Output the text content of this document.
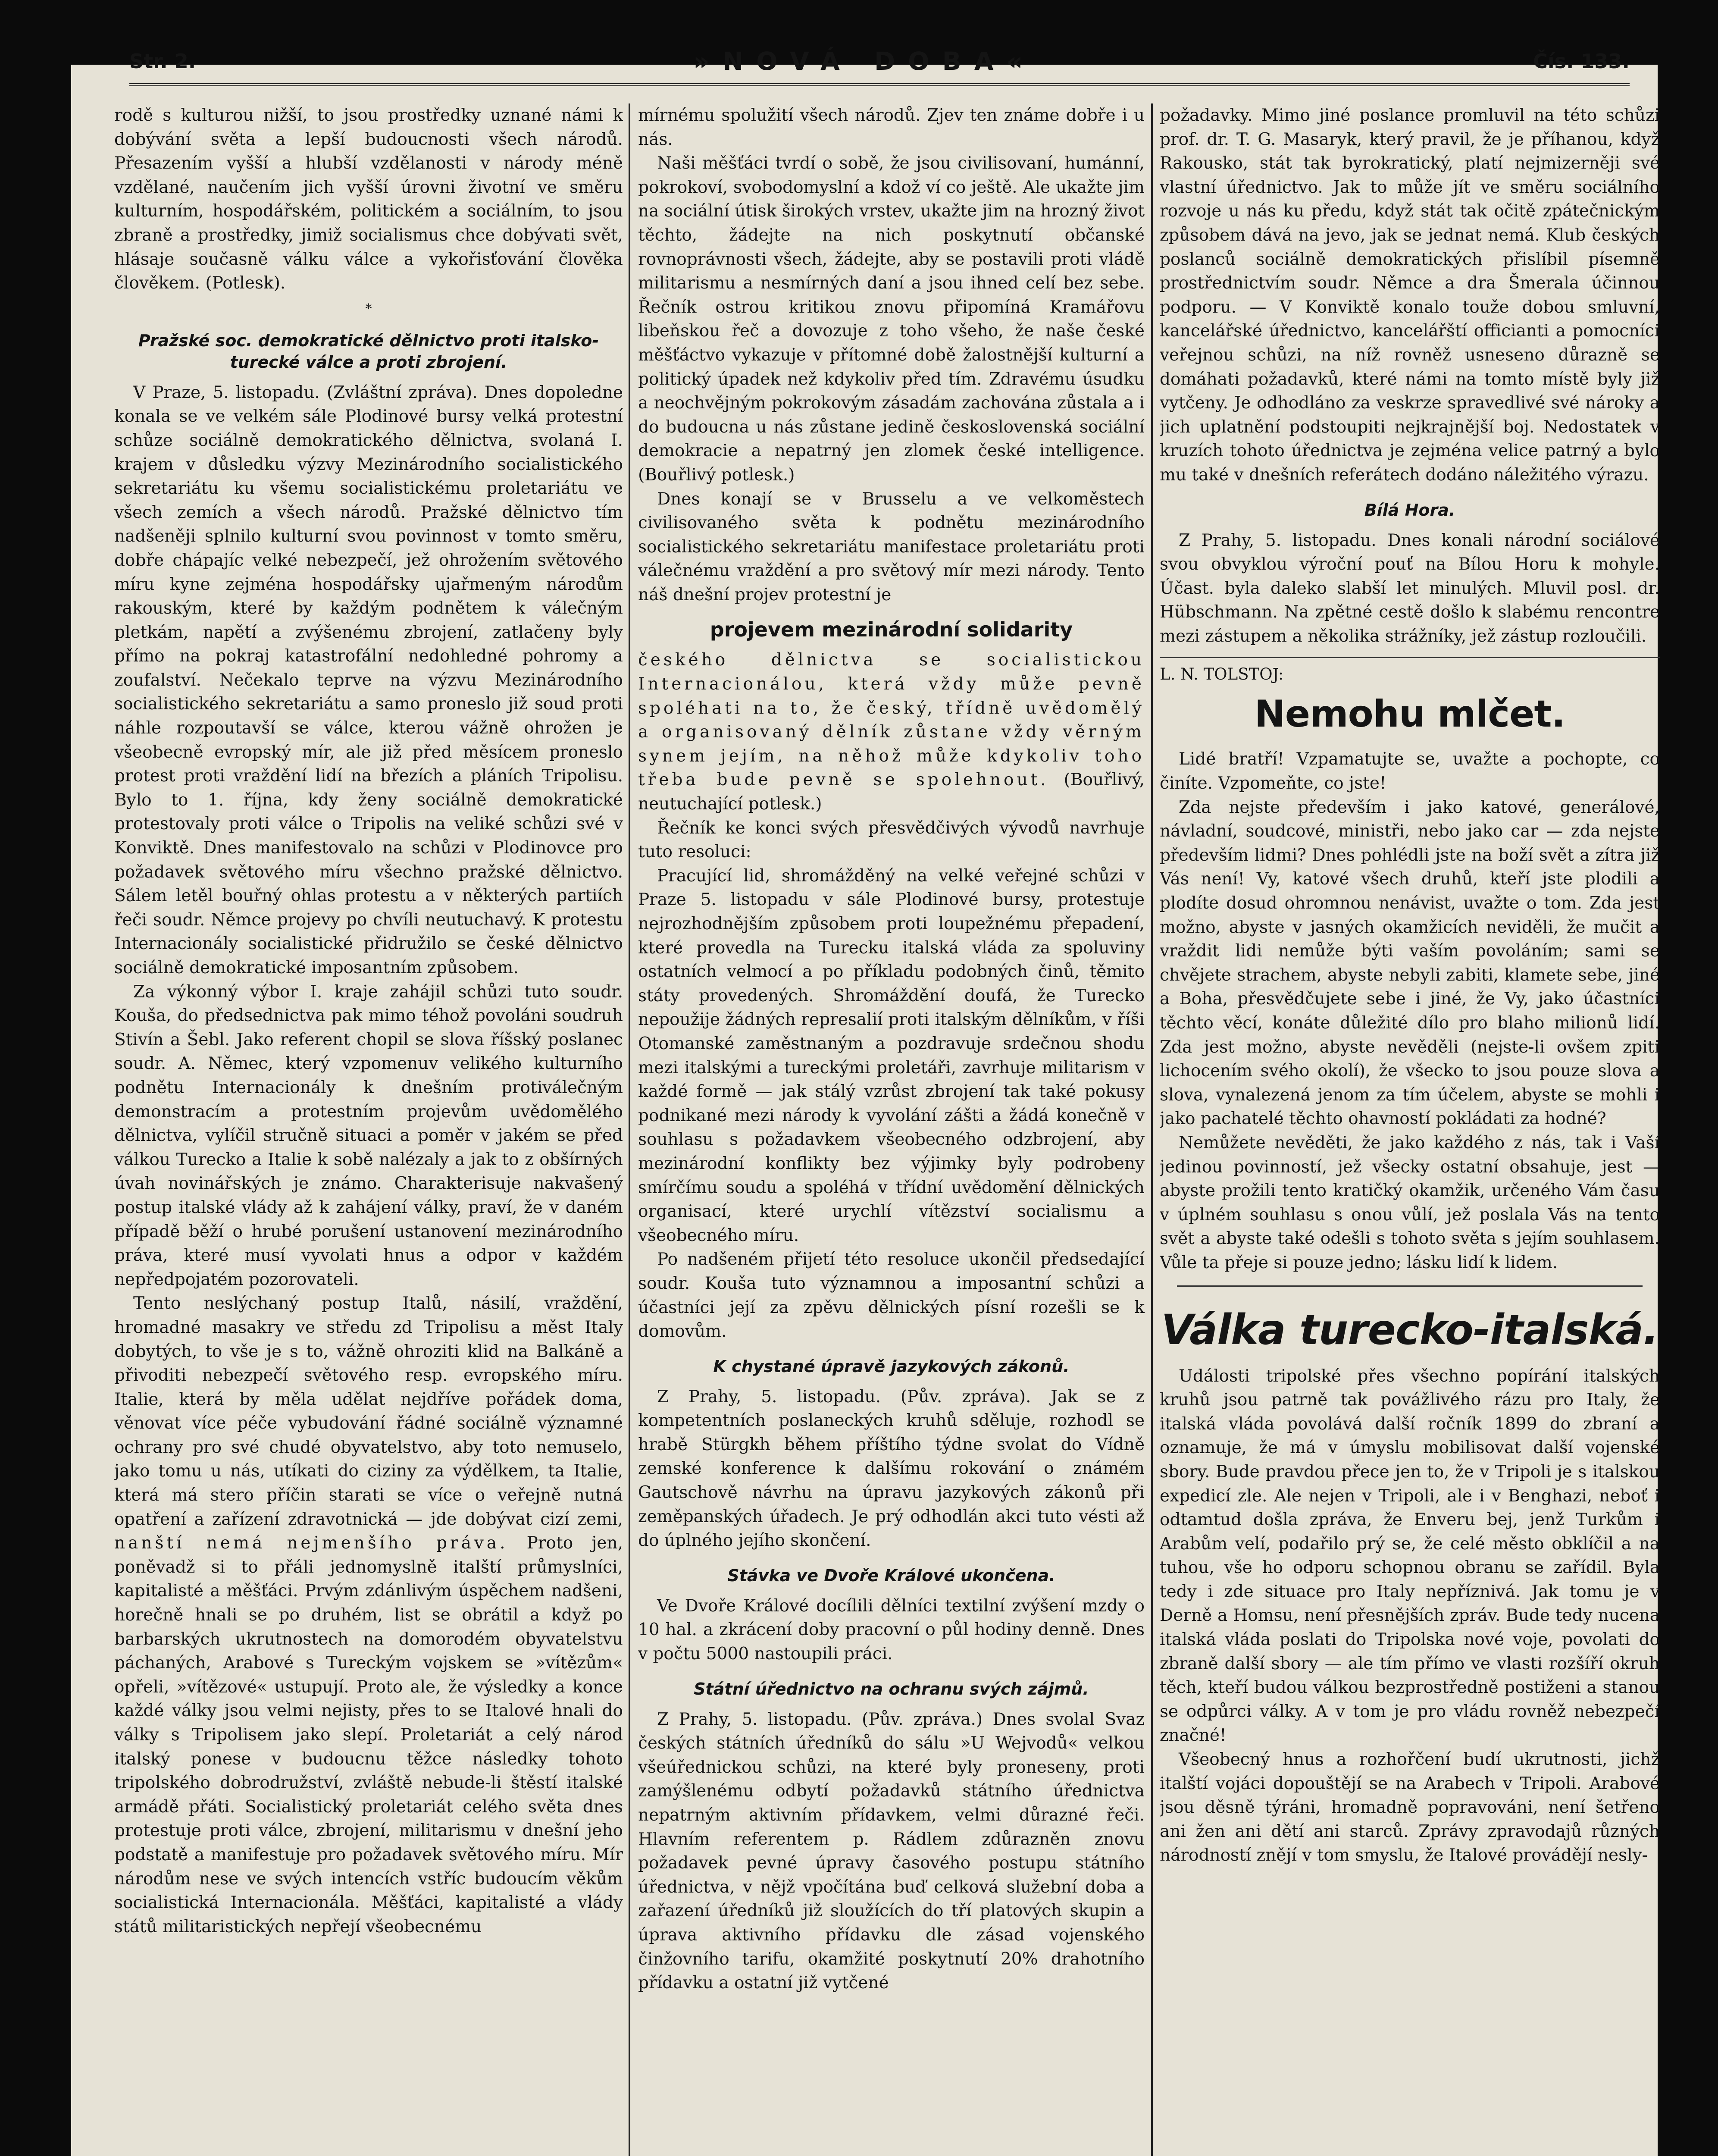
Str. 2.	»NOVÁ DOBA«	Čís. 133.

rodě s kulturou nižší, to jsou prostředky uznané námi k dobývání světa a lepší budoucnosti všech národů. Přesazením vyšší a hlubší vzdělanosti v národy méně vzdělané, naučením jich vyšší úrovni životní ve směru kulturním, hospodářském, politickém a sociálním, to jsou zbraně a prostředky, jimiž socialismus chce dobývati svět, hlásaje současně válku válce a vykořisťování člověka člověkem. (Potlesk).

*
Pražské soc. demokratické dělnictvo proti italsko-turecké válce a proti zbrojení.

V Praze, 5. listopadu. (Zvláštní zpráva). Dnes dopoledne konala se ve velkém sále Plodinové bursy velká protestní schůze sociálně demokratického dělnictva, svolaná I. krajem v důsledku výzvy Mezinárodního socialistického sekretariátu ku všemu socialistickému proletariátu ve všech zemích a všech národů. Pražské dělnictvo tím nadšeněji splnilo kulturní svou povinnost v tomto směru, dobře chápajíc velké nebezpečí, jež ohrožením světového míru kyne zejména hospodářsky ujařmeným národům rakouským, které by každým podnětem k válečným pletkám, napětí a zvýšenému zbrojení, zatlačeny byly přímo na pokraj katastrofální nedohledné pohromy a zoufalství. Nečekalo teprve na výzvu Mezinárodního socialistického sekretariátu a samo proneslo již soud proti náhle rozpoutavší se válce, kterou vážně ohrožen je všeobecně evropský mír, ale již před měsícem proneslo protest proti vraždění lidí na březích a pláních Tripolisu. Bylo to 1. října, kdy ženy sociálně demokratické protestovaly proti válce o Tripolis na veliké schůzi své v Konviktě. Dnes manifestovalo na schůzi v Plodinovce pro požadavek světového míru všechno pražské dělnictvo. Sálem letěl bouřný ohlas protestu a v některých partiích řeči soudr. Němce projevy po chvíli neutuchavý. K protestu Internacionály socialistické přidružilo se české dělnictvo sociálně demokratické imposantním způsobem.

Za výkonný výbor I. kraje zahájil schůzi tuto soudr. Kouša, do předsednictva pak mimo téhož povoláni soudruh Stivín a Šebl. Jako referent chopil se slova říšský poslanec soudr. A. Němec, který vzpomenuv velikého kulturního podnětu Internacionály k dnešním protiválečným demonstracím a protestním projevům uvědomělého dělnictva, vylíčil stručně situaci a poměr v jakém se před válkou Turecko a Italie k sobě nalézaly a jak to z obšírných úvah novinářských je známo. Charakterisuje nakvašený postup italské vlády až k zahájení války, praví, že v daném případě běží o hrubé porušení ustanovení mezinárodního práva, které musí vyvolati hnus a odpor v každém nepředpojatém pozorovateli.

Tento neslýchaný postup Italů, násilí, vraždění, hromadné masakry ve středu zd Tripolisu a měst Italy dobytých, to vše je s to, vážně ohroziti klid na Balkáně a přivoditi nebezpečí světového resp. evropského míru. Italie, která by měla udělat nejdříve pořádek doma, věnovat více péče vybudování řádné sociálně významné ochrany pro své chudé obyvatelstvo, aby toto nemuselo, jako tomu u nás, utíkati do ciziny za výdělkem, ta Italie, která má stero příčin starati se více o veřejně nutná opatření a zařízení zdravotnická — jde dobývat cizí zemi, nanští nemá nejmenšího práva. Proto jen, poněvadž si to přáli jednomyslně italští průmyslníci, kapitalisté a měšťáci. Prvým zdánlivým úspěchem nadšeni, horečně hnali se po druhém, list se obrátil a když po barbarských ukrutnostech na domorodém obyvatelstvu páchaných, Arabové s Tureckým vojskem se »vítězům« opřeli, »vítězové« ustupují. Proto ale, že výsledky a konce každé války jsou velmi nejisty, přes to se Italové hnali do války s Tripolisem jako slepí. Proletariát a celý národ italský ponese v budoucnu těžce následky tohoto tripolského dobrodružství, zvláště nebude-li štěstí italské armádě přáti. Socialistický proletariát celého světa dnes protestuje proti válce, zbrojení, militarismu v dnešní jeho podstatě a manifestuje pro požadavek světového míru. Mír národům nese ve svých intencích vstříc budoucím věkům socialistická Internacionála. Měšťáci, kapitalisté a vlády států militaristických nepřejí všeobecnému

mírnému spolužití všech národů. Zjev ten známe dobře i u nás.

Naši měšťáci tvrdí o sobě, že jsou civilisovaní, humánní, pokrokoví, svobodomyslní a kdož ví co ještě. Ale ukažte jim na sociální útisk širokých vrstev, ukažte jim na hrozný život těchto, žádejte na nich poskytnutí občanské rovnoprávnosti všech, žádejte, aby se postavili proti vládě militarismu a nesmírných daní a jsou ihned celí bez sebe. Řečník ostrou kritikou znovu připomíná Kramářovu libeňskou řeč a dovozuje z toho všeho, že naše české měšťáctvo vykazuje v přítomné době žalostnější kulturní a politický úpadek než kdykoliv před tím. Zdravému úsudku a neochvějným pokrokovým zásadám zachována zůstala a i do budoucna u nás zůstane jedině československá sociální demokracie a nepatrný jen zlomek české intelligence. (Bouřlivý potlesk.)

Dnes konají se v Brusselu a ve velkoměstech civilisovaného světa k podnětu mezinárodního socialistického sekretariátu manifestace proletariátu proti válečnému vraždění a pro světový mír mezi národy. Tento náš dnešní projev protestní je

projevem mezinárodní solidarity

českého dělnictva se socialistickou Internacionálou, která vždy může pevně spoléhati na to, že český, třídně uvědomělý a organisovaný dělník zůstane vždy věrným synem jejím, na něhož může kdykoliv toho třeba bude pevně se spolehnout. (Bouřlivý, neutuchající potlesk.)

Řečník ke konci svých přesvědčivých vývodů navrhuje tuto resoluci:

Pracující lid, shromážděný na velké veřejné schůzi v Praze 5. listopadu v sále Plodinové bursy, protestuje nejrozhodnějším způsobem proti loupežnému přepadení, které provedla na Turecku italská vláda za spoluviny ostatních velmocí a po příkladu podobných činů, těmito státy provedených. Shromáždění doufá, že Turecko nepoužije žádných represalií proti italským dělníkům, v říši Otomanské zaměstnaným a pozdravuje srdečnou shodu mezi italskými a tureckými proletáři, zavrhuje militarism v každé formě — jak stálý vzrůst zbrojení tak také pokusy podnikané mezi národy k vyvolání zášti a žádá konečně v souhlasu s požadavkem všeobecného odzbrojení, aby mezinárodní konflikty bez výjimky byly podrobeny smírčímu soudu a spoléhá v třídní uvědomění dělnických organisací, které urychlí vítězství socialismu a všeobecného míru.

Po nadšeném přijetí této resoluce ukončil předsedající soudr. Kouša tuto významnou a imposantní schůzi a účastníci její za zpěvu dělnických písní rozešli se k domovům.

K chystané úpravě jazykových zákonů.

Z Prahy, 5. listopadu. (Pův. zpráva). Jak se z kompetentních poslaneckých kruhů sděluje, rozhodl se hrabě Stürgkh během příštího týdne svolat do Vídně zemské konference k dalšímu rokování o známém Gautschově návrhu na úpravu jazykových zákonů při zeměpanských úřadech. Je prý odhodlán akci tuto vésti až do úplného jejího skončení.

Stávka ve Dvoře Králové ukončena.

Ve Dvoře Králové docílili dělníci textilní zvýšení mzdy o 10 hal. a zkrácení doby pracovní o půl hodiny denně. Dnes v počtu 5000 nastoupili práci.

Státní úřednictvo na ochranu svých zájmů.

Z Prahy, 5. listopadu. (Pův. zpráva.) Dnes svolal Svaz českých státních úředníků do sálu »U Wejvodů« velkou všeúřednickou schůzi, na které byly proneseny, proti zamýšlenému odbytí požadavků státního úřednictva nepatrným aktivním přídavkem, velmi důrazné řeči. Hlavním referentem p. Rádlem zdůrazněn znovu požadavek pevné úpravy časového postupu státního úřednictva, v nějž vpočítána buď celková služební doba a zařazení úředníků již sloužících do tří platových skupin a úprava aktivního přídavku dle zásad vojenského činžovního tarifu, okamžité poskytnutí 20% drahotního přídavku a ostatní již vytčené

požadavky. Mimo jiné poslance promluvil na této schůzi prof. dr. T. G. Masaryk, který pravil, že je příhanou, když Rakousko, stát tak byrokratický, platí nejmizerněji své vlastní úřednictvo. Jak to může jít ve směru sociálního rozvoje u nás ku předu, když stát tak očitě zpátečnickým způsobem dává na jevo, jak se jednat nemá. Klub českých poslanců sociálně demokratických přislíbil písemně prostřednictvím soudr. Němce a dra Šmerala účinnou podporu. — V Konviktě konalo touže dobou smluvní, kancelářské úřednictvo, kancelářští officianti a pomocníci veřejnou schůzi, na níž rovněž usneseno důrazně se domáhati požadavků, které námi na tomto místě byly již vytčeny. Je odhodláno za veskrze spravedlivé své nároky a jich uplatnění podstoupiti nejkrajnější boj. Nedostatek v kruzích tohoto úřednictva je zejména velice patrný a bylo mu také v dnešních referátech dodáno náležitého výrazu.

Bílá Hora.

Z Prahy, 5. listopadu. Dnes konali národní sociálové svou obvyklou výroční pouť na Bílou Horu k mohyle. Účast. byla daleko slabší let minulých. Mluvil posl. dr. Hübschmann. Na zpětné cestě došlo k slabému rencontre mezi zástupem a několika strážníky, jež zástup rozloučili.

L. N. TOLSTOJ:
Nemohu mlčet.

Lidé bratří! Vzpamatujte se, uvažte a pochopte, co činíte. Vzpomeňte, co jste!

Zda nejste především i jako katové, generálové, návladní, soudcové, ministři, nebo jako car — zda nejste především lidmi? Dnes pohlédli jste na boží svět a zítra již Vás není! Vy, katové všech druhů, kteří jste plodili a plodíte dosud ohromnou nenávist, uvažte o tom. Zda jest možno, abyste v jasných okamžicích neviděli, že mučit a vraždit lidi nemůže býti vaším povoláním; sami se chvějete strachem, abyste nebyli zabiti, klamete sebe, jiné a Boha, přesvědčujete sebe i jiné, že Vy, jako účastníci těchto věcí, konáte důležité dílo pro blaho milionů lidí. Zda jest možno, abyste nevěděli (nejste-li ovšem zpiti lichocením svého okolí), že všecko to jsou pouze slova a slova, vynalezená jenom za tím účelem, abyste se mohli i jako pachatelé těchto ohavností pokládati za hodné?

Nemůžete nevěděti, že jako každého z nás, tak i Vaší jedinou povinností, jež všecky ostatní obsahuje, jest — abyste prožili tento kratičký okamžik, určeného Vám času v úplném souhlasu s onou vůlí, jež poslala Vás na tento svět a abyste také odešli s tohoto světa s jejím souhlasem. Vůle ta přeje si pouze jedno; lásku lidí k lidem.

Válka turecko-italská.

Události tripolské přes všechno popírání italských kruhů jsou patrně tak povážlivého rázu pro Italy, že italská vláda povolává další ročník 1899 do zbraní a oznamuje, že má v úmyslu mobilisovat další vojenské sbory. Bude pravdou přece jen to, že v Tripoli je s italskou expedicí zle. Ale nejen v Tripoli, ale i v Benghazi, neboť i odtamtud došla zpráva, že Enveru bej, jenž Turkům i Arabům velí, podařilo prý se, že celé město obklíčil a na tuhou, vše ho odporu schopnou obranu se zařídil. Byla tedy i zde situace pro Italy nepříznivá. Jak tomu je v Derně a Homsu, není přesnějších zpráv. Bude tedy nucena italská vláda poslati do Tripolska nové voje, povolati do zbraně další sbory — ale tím přímo ve vlasti rozšíří okruh těch, kteří budou válkou bezprostředně postiženi a stanou se odpůrci války. A v tom je pro vládu rovněž nebezpečí značné!

Všeobecný hnus a rozhořčení budí ukrutnosti, jichž italští vojáci dopouštějí se na Arabech v Tripoli. Arabové jsou děsně týráni, hromadně popravováni, není šetřeno ani žen ani dětí ani starců. Zprávy zpravodajů různých národností znějí v tom smyslu, že Italové provádějí nesly-
